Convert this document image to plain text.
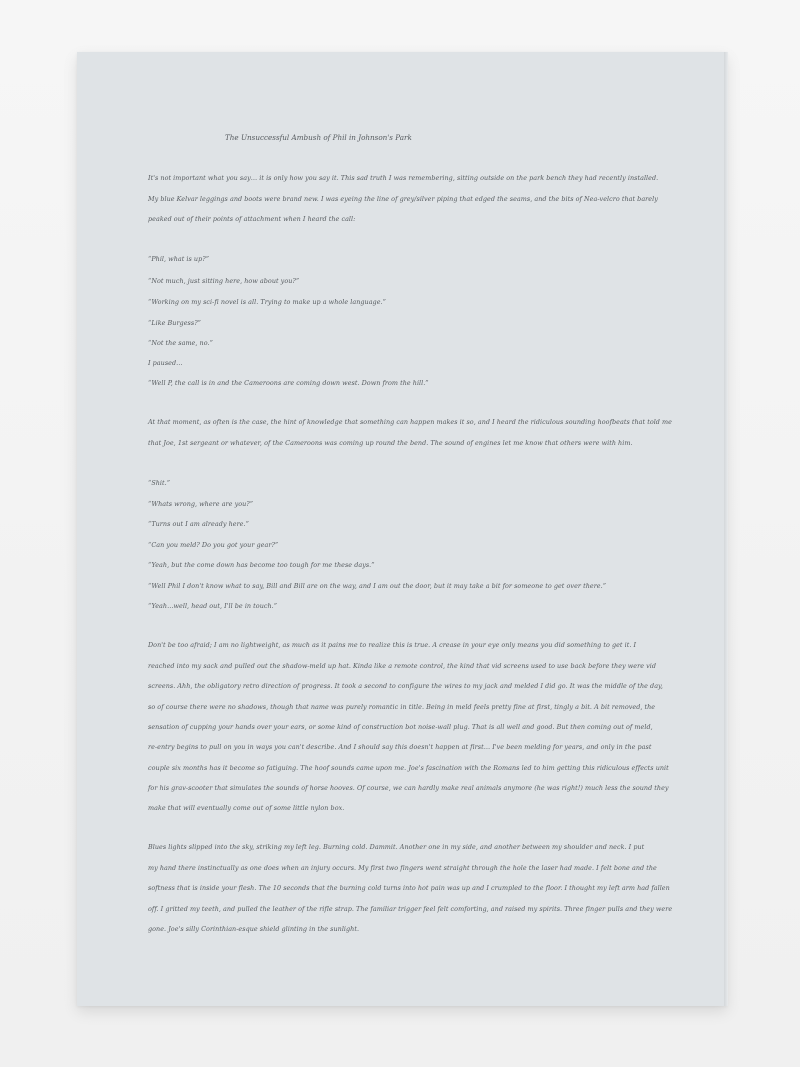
The Unsuccessful Ambush of Phil in Johnson's Park
It's not important what you say… it is only how you say it. This sad truth I was remembering, sitting outside on the park bench they had recently installed.
My blue Kelvar leggings and boots were brand new. I was eyeing the line of grey/silver piping that edged the seams, and the bits of Nea-velcro that barely
peaked out of their points of attachment when I heard the call:
“Phil, what is up?”
“Not much, just sitting here, how about you?”
“Working on my sci-fi novel is all. Trying to make up a whole language.”
“Like Burgess?”
“Not the same, no.”
I paused…
“Well P, the call is in and the Cameroons are coming down west. Down from the hill.”
At that moment, as often is the case, the hint of knowledge that something can happen makes it so, and I heard the ridiculous sounding hoofbeats that told me
that Joe, 1st sergeant or whatever, of the Cameroons was coming up round the bend. The sound of engines let me know that others were with him.
“Shit.”
“Whats wrong, where are you?”
“Turns out I am already here.”
“Can you meld? Do you got your gear?”
“Yeah, but the come down has become too tough for me these days.”
“Well Phil I don't know what to say, Bill and Bill are on the way, and I am out the door, but it may take a bit for someone to get over there.”
“Yeah…well, head out, I'll be in touch.”
Don't be too afraid; I am no lightweight, as much as it pains me to realize this is true. A crease in your eye only means you did something to get it. I
reached into my sack and pulled out the shadow-meld up hat. Kinda like a remote control, the kind that vid screens used to use back before they were vid
screens. Ahh, the obligatory retro direction of progress. It took a second to configure the wires to my jack and melded I did go. It was the middle of the day,
so of course there were no shadows, though that name was purely romantic in title. Being in meld feels pretty fine at first, tingly a bit. A bit removed, the
sensation of cupping your hands over your ears, or some kind of construction bot noise-wall plug. That is all well and good. But then coming out of meld,
re-entry begins to pull on you in ways you can't describe. And I should say this doesn't happen at first… I've been melding for years, and only in the past
couple six months has it become so fatiguing. The hoof sounds came upon me. Joe's fascination with the Romans led to him getting this ridiculous effects unit
for his grav-scooter that simulates the sounds of horse hooves. Of course, we can hardly make real animals anymore (he was right!) much less the sound they
make that will eventually come out of some little nylon box.
Blues lights slipped into the sky, striking my left leg. Burning cold. Dammit. Another one in my side, and another between my shoulder and neck. I put
my hand there instinctually as one does when an injury occurs. My first two fingers went straight through the hole the laser had made. I felt bone and the
softness that is inside your flesh. The 10 seconds that the burning cold turns into hot pain was up and I crumpled to the floor. I thought my left arm had fallen
off. I gritted my teeth, and pulled the leather of the rifle strap. The familiar trigger feel felt comforting, and raised my spirits. Three finger pulls and they were
gone. Joe's silly Corinthian-esque shield glinting in the sunlight.
